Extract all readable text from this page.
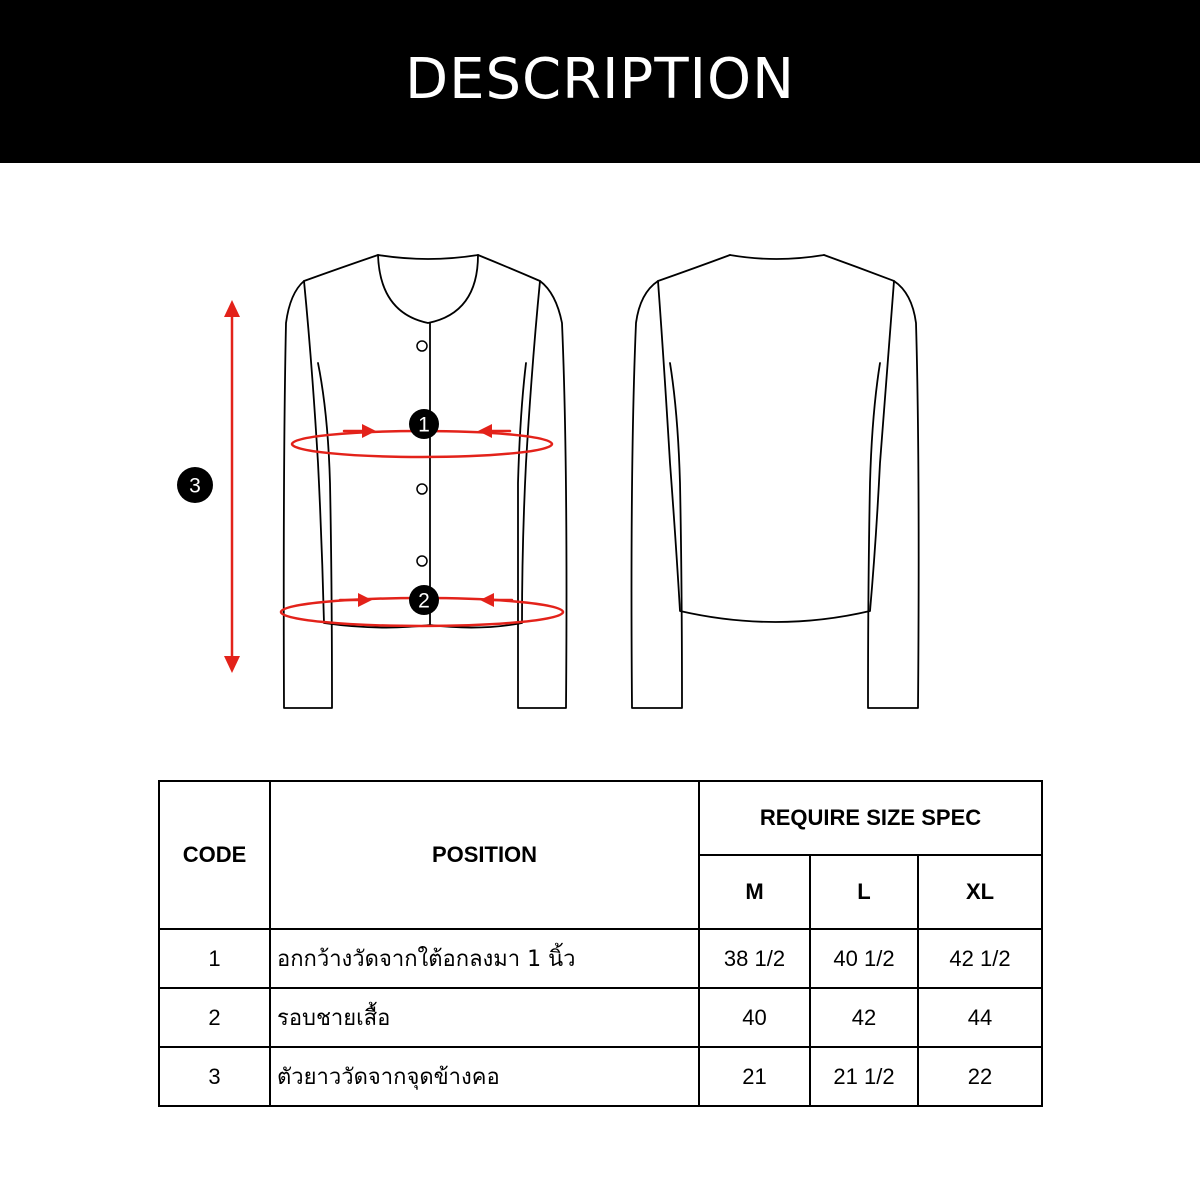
DESCRIPTION
1
2
3
CODE	POSITION	REQUIRE SIZE SPEC		
		M	L	XL
1	อกกว้างวัดจากใต้อกลงมา 1 นิ้ว	38 1/2	40 1/2	42 1/2
2	รอบชายเสื้อ	40	42	44
3	ตัวยาววัดจากจุดข้างคอ	21	21 1/2	22
